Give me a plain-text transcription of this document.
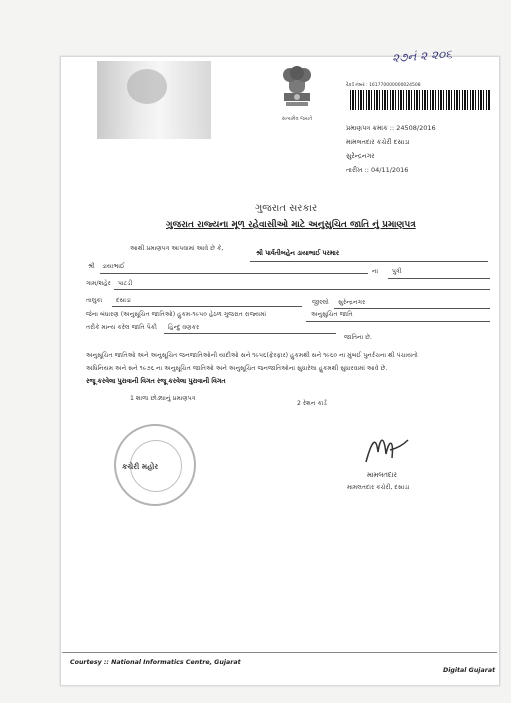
૨૭નં ૨ ૨૦૬
સત્યમેવ જયતે
રેકર્ડ નંબર : 161770000000024508
પ્રમાણપત્ર ક્રમાંક :: 24508/2016
મામલતદાર કચેરી દસાડા
સુરેન્દ્રનગર
તારીખ :: 04/11/2016
ગુજરાત સરકાર
ગુજરાત રાજ્યના મૂળ રહેવાસીઓ માટે અનુસુચિત જાતિ નું પ્રમાણપત્ર
આથી પ્રમાણપત્ર આપવામાં આવે છે કે,
શ્રી પાર્વતીબહેન ડાયાભાઈ પરમાર
શ્રી ડાયાભાઈ
ના પુત્રી
ગામ/શહેર પાટડી
તાલુકા દસાડા	જીલ્લો સુરેન્દ્રનગર
જેના બંધારણ (અનુસૂચિત જાતિઓ) હુકમ-૧૯૫૦ હેઠળ ગુજરાત રાજ્યમાં	અનુસુચિત જાતિ
તરીકે માન્ય કરેલ જાતિ પૈકી હિન્દુ વણકર
જાતિના છે.
અનુસૂચિત જાતિઓ અને અનુસૂચિત જનજાતિઓની યાદીઓ સને ૧૯૫૬(ફેરફાર) હુકમથી સને ૧૯૬૦ ના મુંબઈ પુનર્રચના થી પંચાયતો
અધિનિયમ અને સને ૧૯૭૬ ના અનુસૂચિત જાતિઓ અને અનુસૂચિત જનજાતિઓના સુધારેલા હુકમથી સુધારવામાં આવે છે.
રજૂ કરવેલા પુરાવાની વિગત રજૂ કરવેલા પુરાવાની વિગત
1 શાળા છોડ્યાનું પ્રમાણપત્ર
2 રેશન કાર્ડ
કચેરી મહોર
મામલતદાર
મામલતદાર કચેરી, દસાડા
Courtesy :: National Informatics Centre, Gujarat
Digital Gujarat
